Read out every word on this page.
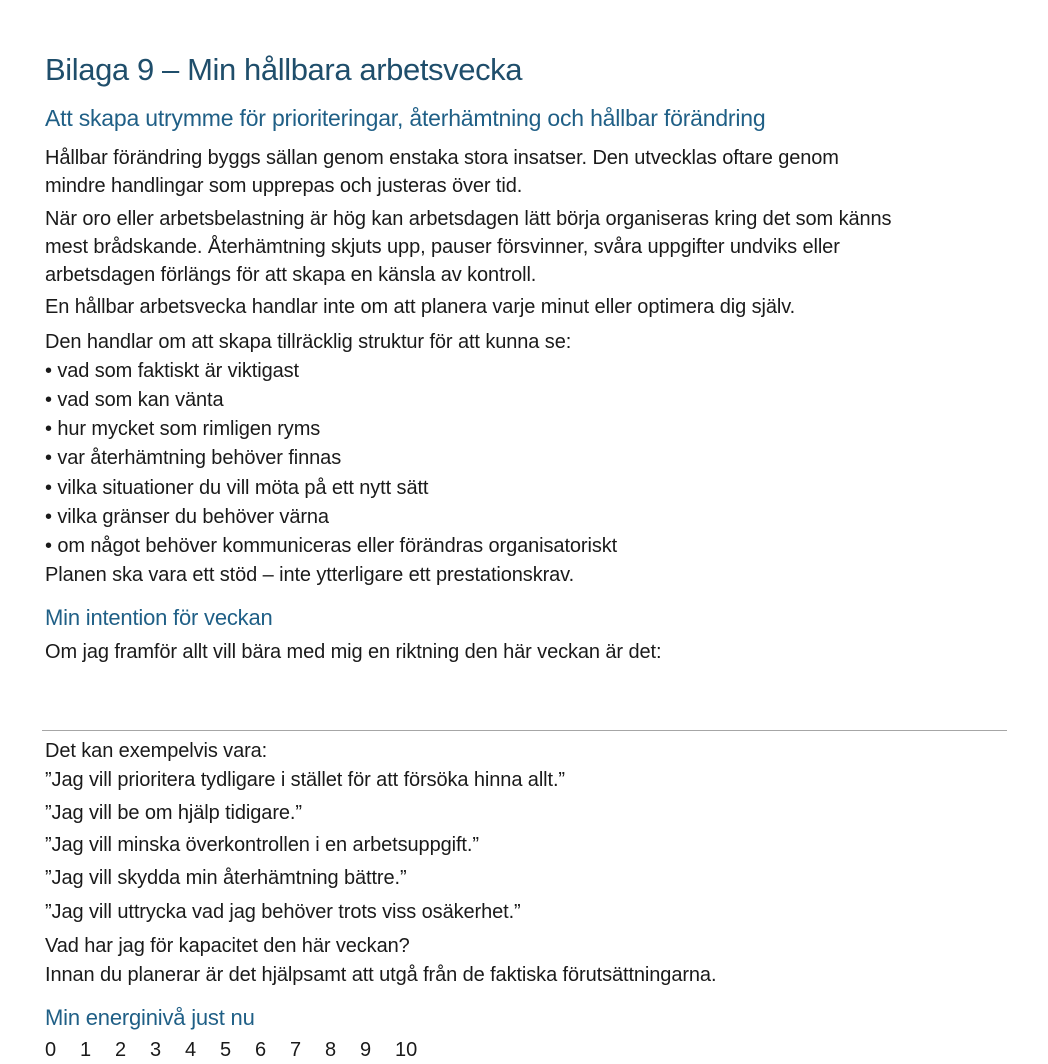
Bilaga 9 – Min hållbara arbetsvecka
Att skapa utrymme för prioriteringar, återhämtning och hållbar förändring
Hållbar förändring byggs sällan genom enstaka stora insatser. Den utvecklas oftare genom
mindre handlingar som upprepas och justeras över tid.
När oro eller arbetsbelastning är hög kan arbetsdagen lätt börja organiseras kring det som känns
mest brådskande. Återhämtning skjuts upp, pauser försvinner, svåra uppgifter undviks eller
arbetsdagen förlängs för att skapa en känsla av kontroll.
En hållbar arbetsvecka handlar inte om att planera varje minut eller optimera dig själv.
Den handlar om att skapa tillräcklig struktur för att kunna se:
• vad som faktiskt är viktigast
• vad som kan vänta
• hur mycket som rimligen ryms
• var återhämtning behöver finnas
• vilka situationer du vill möta på ett nytt sätt
• vilka gränser du behöver värna
• om något behöver kommuniceras eller förändras organisatoriskt
Planen ska vara ett stöd – inte ytterligare ett prestationskrav.
Min intention för veckan
Om jag framför allt vill bära med mig en riktning den här veckan är det:
Det kan exempelvis vara:
”Jag vill prioritera tydligare i stället för att försöka hinna allt.”
”Jag vill be om hjälp tidigare.”
”Jag vill minska överkontrollen i en arbetsuppgift.”
”Jag vill skydda min återhämtning bättre.”
”Jag vill uttrycka vad jag behöver trots viss osäkerhet.”
Vad har jag för kapacitet den här veckan?
Innan du planerar är det hjälpsamt att utgå från de faktiska förutsättningarna.
Min energinivå just nu
0 1 2 3 4 5 6 7 8 9 10
